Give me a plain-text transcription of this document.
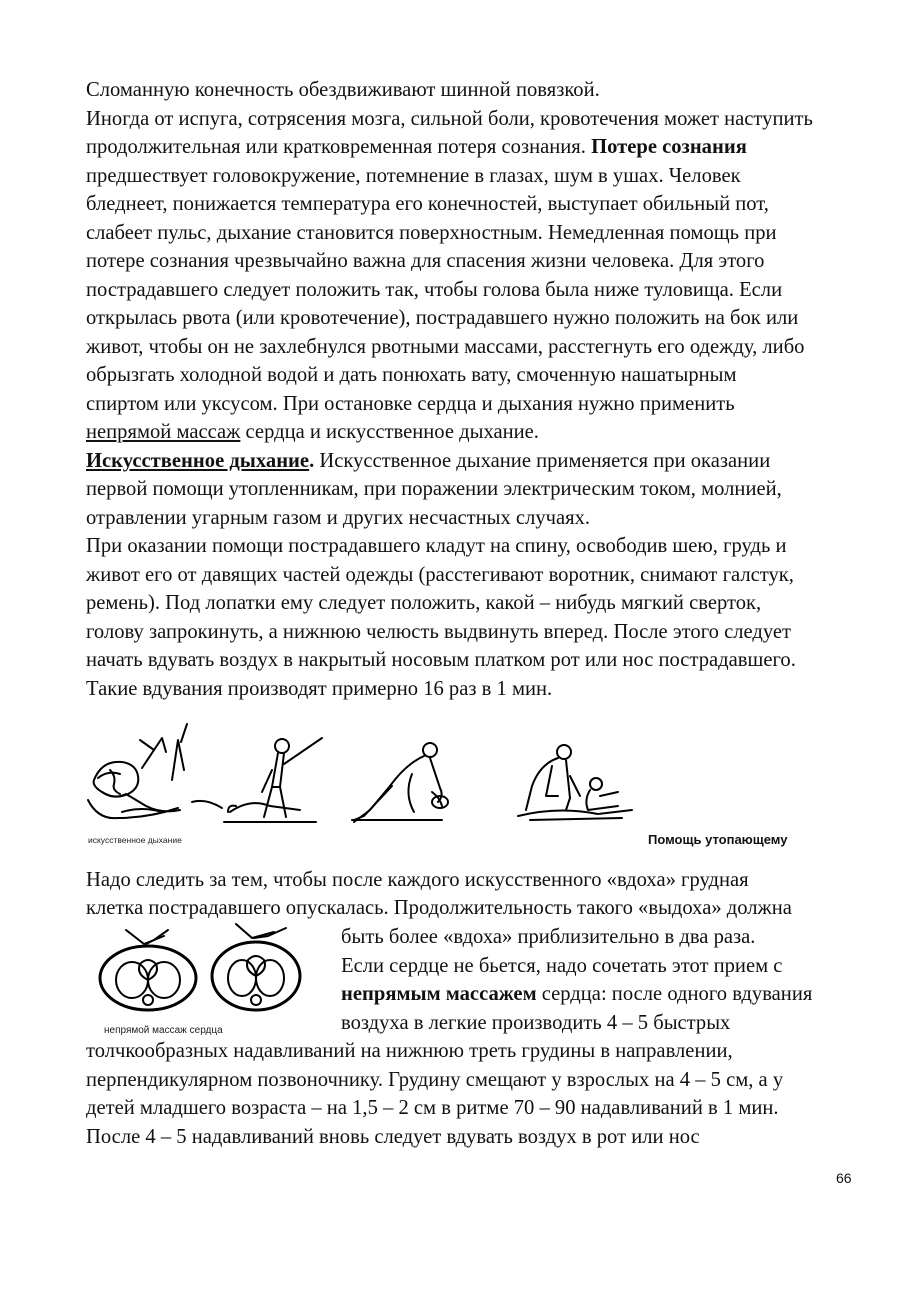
Сломанную конечность обездвиживают шинной повязкой.
Иногда от испуга, сотрясения мозга, сильной боли, кровотечения может наступить
продолжительная или кратковременная потеря сознания. Потере сознания
предшествует головокружение, потемнение в глазах, шум в ушах. Человек
бледнеет, понижается температура его конечностей, выступает обильный пот,
слабеет пульс, дыхание становится поверхностным. Немедленная помощь при
потере сознания чрезвычайно важна для спасения жизни человека. Для этого
пострадавшего следует положить так, чтобы голова была ниже туловища. Если
открылась рвота (или кровотечение), пострадавшего нужно положить на бок или
живот, чтобы он не захлебнулся рвотными массами, расстегнуть его одежду, либо
обрызгать холодной водой и дать понюхать вату, смоченную нашатырным
спиртом или уксусом. При остановке сердца и дыхания нужно применить
непрямой массаж сердца и искусственное дыхание.
Искусственное дыхание. Искусственное дыхание применяется при оказании
первой помощи утопленникам, при поражении электрическим током, молнией,
отравлении угарным газом и других несчастных случаях.
При оказании помощи пострадавшего кладут на спину, освободив шею, грудь и
живот его от давящих частей одежды (расстегивают воротник, снимают галстук,
ремень). Под лопатки ему следует положить, какой – нибудь мягкий сверток,
голову запрокинуть, а нижнюю челюсть выдвинуть вперед. После этого следует
начать вдувать воздух в накрытый носовым платком рот или нос пострадавшего.
Такие вдувания производят примерно 16 раз в 1 мин.
искусственное дыхание	Помощь утопающему
Надо следить за тем, чтобы после каждого искусственного «вдоха» грудная
клетка пострадавшего опускалась. Продолжительность такого «выдоха» должна
быть более «вдоха» приблизительно в два раза.
Если сердце не бьется, надо сочетать этот прием с
непрямым массажем сердца: после одного вдувания
воздуха в легкие производить 4 – 5 быстрых
толчкообразных надавливаний на нижнюю треть грудины в направлении,
перпендикулярном позвоночнику. Грудину смещают у взрослых на 4 – 5 см, а у
детей младшего возраста – на 1,5 – 2 см в ритме 70 – 90 надавливаний в 1 мин.
После 4 – 5 надавливаний вновь следует вдувать воздух в рот или нос
непрямой массаж сердца
66
